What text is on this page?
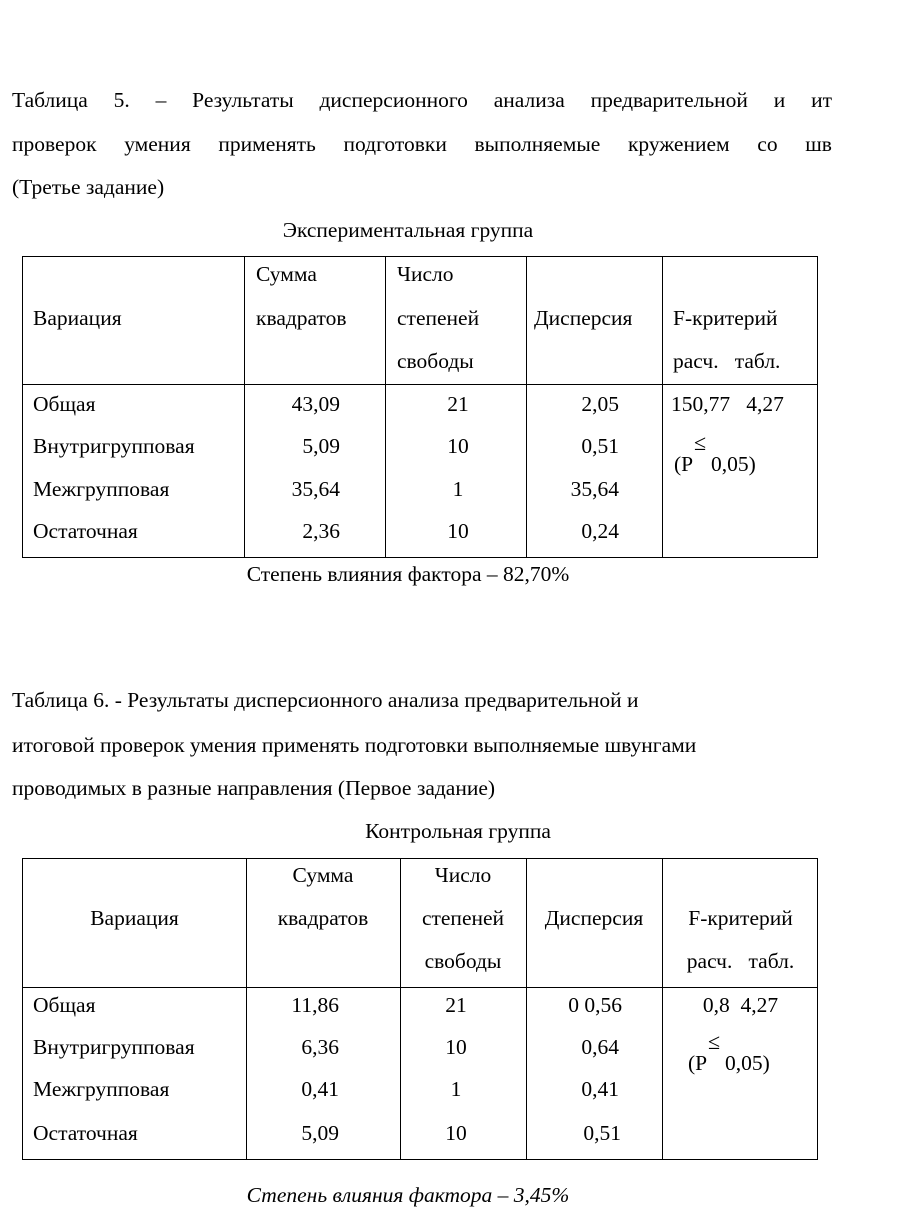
Таблица 5. – Результаты дисперсионного анализа предварительной и ит
проверок умения применять подготовки выполняемые кружением со шв
(Третье задание)
Экспериментальная группа
Вариация
Сумма
квадратов
Число
степеней
свободы
Дисперсия F-критерий
расч.   табл.
Общая
Внутригрупповая
Межгрупповая
Остаточная
43,09
5,09
35,64
2,36
21
10
1
10
2,05
0,51
35,64
0,24
150,77   4,27
(P
≤
0,05)
Степень влияния фактора – 82,70%
Таблица 6. - Результаты дисперсионного анализа предварительной и
итоговой проверок умения применять подготовки выполняемые швунгами
проводимых в разные направления (Первое задание)
Контрольная группа
Вариация
Сумма
квадратов
Число
степеней
свободы
Дисперсия	F-критерий
расч.   табл.
Общая
Внутригрупповая
Межгрупповая
Остаточная
11,86
6,36
0,41
5,09
21
10
1
10
0 0,56
0,64
0,41
0,51
0,8  4,27
(P
≤
0,05)
Степень влияния фактора – 3,45%
